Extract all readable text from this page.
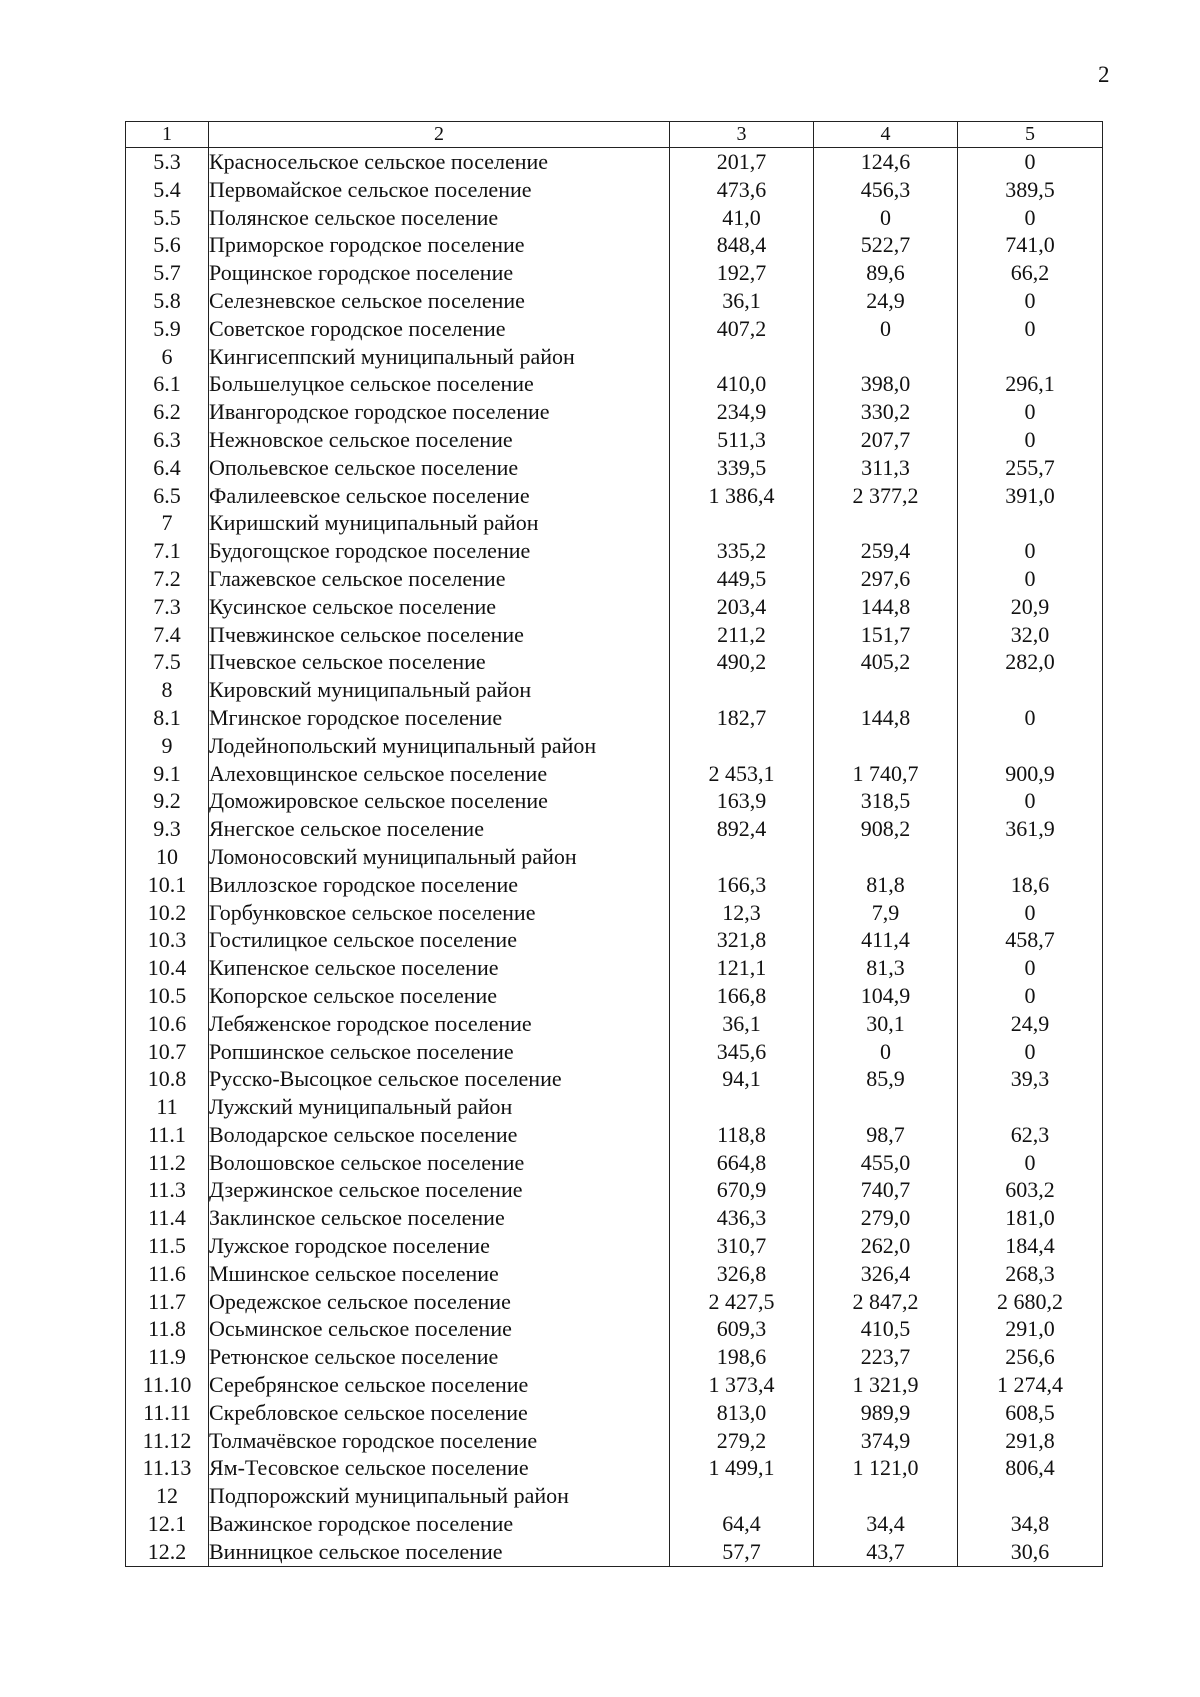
2
1	2	3	4	5
5.3	Красносельское сельское поселение	201,7	124,6	0
5.4	Первомайское сельское поселение	473,6	456,3	389,5
5.5	Полянское сельское поселение	41,0	0	0
5.6	Приморское городское поселение	848,4	522,7	741,0
5.7	Рощинское городское поселение	192,7	89,6	66,2
5.8	Селезневское сельское поселение	36,1	24,9	0
5.9	Советское городское поселение	407,2	0	0
6	Кингисеппский муниципальный район			
6.1	Большелуцкое сельское поселение	410,0	398,0	296,1
6.2	Ивангородское городское поселение	234,9	330,2	0
6.3	Нежновское сельское поселение	511,3	207,7	0
6.4	Опольевское сельское поселение	339,5	311,3	255,7
6.5	Фалилеевское сельское поселение	1 386,4	2 377,2	391,0
7	Киришский муниципальный район			
7.1	Будогощское городское поселение	335,2	259,4	0
7.2	Глажевское сельское поселение	449,5	297,6	0
7.3	Кусинское сельское поселение	203,4	144,8	20,9
7.4	Пчевжинское сельское поселение	211,2	151,7	32,0
7.5	Пчевское сельское поселение	490,2	405,2	282,0
8	Кировский муниципальный район			
8.1	Мгинское городское поселение	182,7	144,8	0
9	Лодейнопольский муниципальный район			
9.1	Алеховщинское сельское поселение	2 453,1	1 740,7	900,9
9.2	Доможировское сельское поселение	163,9	318,5	0
9.3	Янегское сельское поселение	892,4	908,2	361,9
10	Ломоносовский муниципальный район			
10.1	Виллозское городское поселение	166,3	81,8	18,6
10.2	Горбунковское сельское поселение	12,3	7,9	0
10.3	Гостилицкое сельское поселение	321,8	411,4	458,7
10.4	Кипенское сельское поселение	121,1	81,3	0
10.5	Копорское сельское поселение	166,8	104,9	0
10.6	Лебяженское городское поселение	36,1	30,1	24,9
10.7	Ропшинское сельское поселение	345,6	0	0
10.8	Русско-Высоцкое сельское поселение	94,1	85,9	39,3
11	Лужский муниципальный район			
11.1	Володарское сельское поселение	118,8	98,7	62,3
11.2	Волошовское сельское поселение	664,8	455,0	0
11.3	Дзержинское сельское поселение	670,9	740,7	603,2
11.4	Заклинское сельское поселение	436,3	279,0	181,0
11.5	Лужское городское поселение	310,7	262,0	184,4
11.6	Мшинское сельское поселение	326,8	326,4	268,3
11.7	Оредежское сельское поселение	2 427,5	2 847,2	2 680,2
11.8	Осьминское сельское поселение	609,3	410,5	291,0
11.9	Ретюнское сельское поселение	198,6	223,7	256,6
11.10	Серебрянское сельское поселение	1 373,4	1 321,9	1 274,4
11.11	Скребловское сельское поселение	813,0	989,9	608,5
11.12	Толмачёвское городское поселение	279,2	374,9	291,8
11.13	Ям-Тесовское сельское поселение	1 499,1	1 121,0	806,4
12	Подпорожский муниципальный район			
12.1	Важинское городское поселение	64,4	34,4	34,8
12.2	Винницкое сельское поселение	57,7	43,7	30,6
